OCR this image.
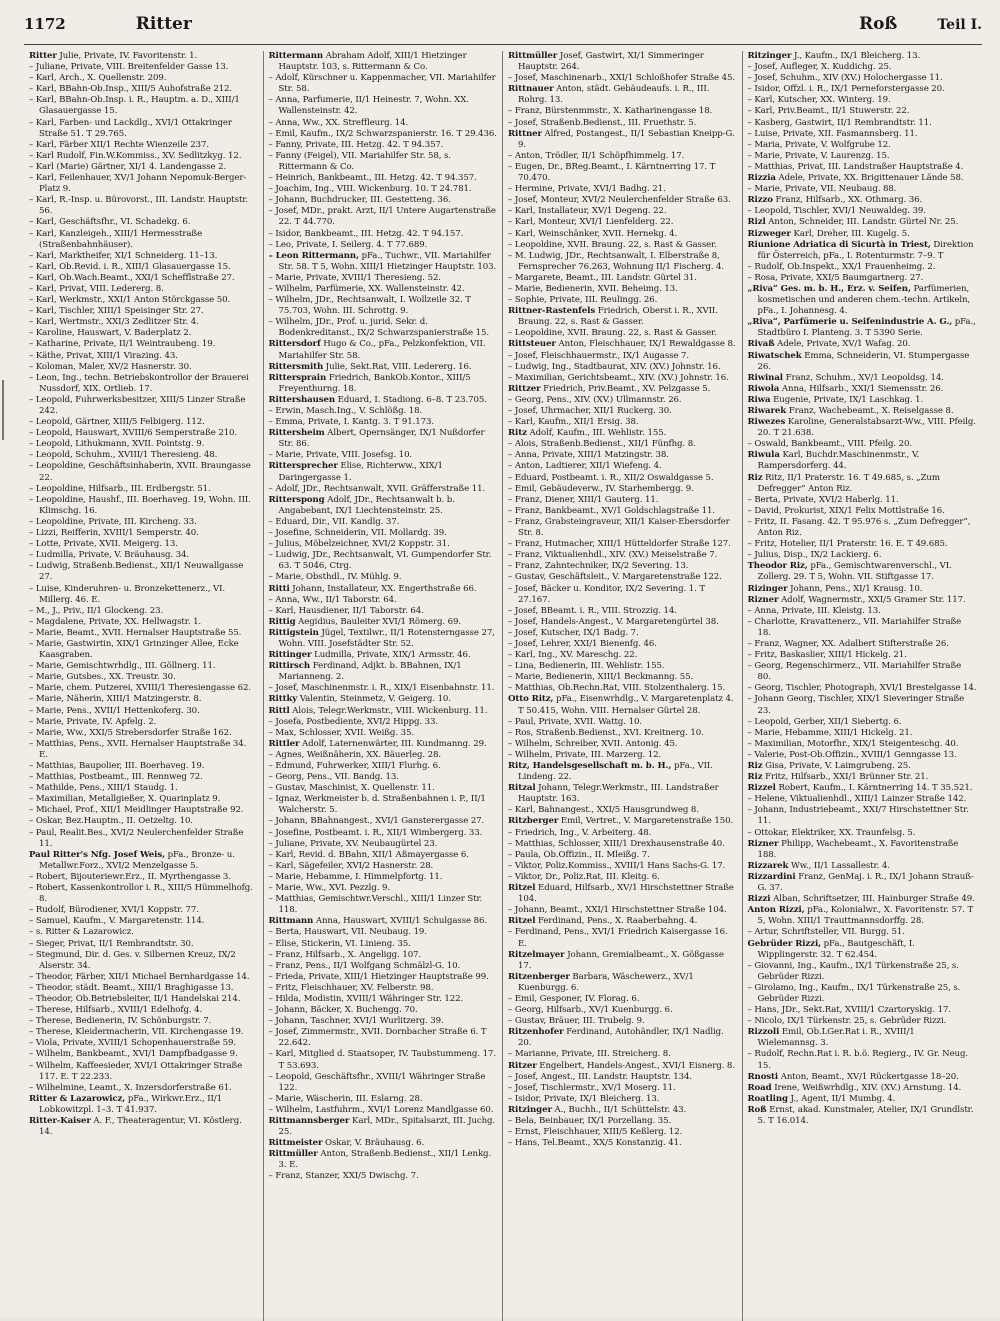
1172	Ritter	Roß	Teil I.
Ritter Julie, Private, IV. Favoritenstr. 1.
– Juliane, Private, VIII. Breitenfelder Gasse 13.
– Karl, Arch., X. Quellenstr. 209.
– Karl, BBahn-Ob.Insp., XIII/5 Auhofstraße 212.
– Karl, BBahn-Ob.Insp. i. R., Hauptm. a. D., XIII/1 Glasauergasse 15.
– Karl, Farben- und Lackdlg., XVI/1 Ottakringer Straße 51. T 29.765.
– Karl, Färber XII/1 Rechte Wienzeile 237.
– Karl Rudolf, Fin.W.Kommiss., XV. Sedlitzkyg. 12.
– Karl (Marie) Gärtner, XI/1 4. Landengasse 2.
– Karl, Feilenhauer, XV/1 Johann Nepomuk-Berger-Platz 9.
– Karl, R.-Insp. u. Bürovorst., III. Landstr. Hauptstr. 56.
– Karl, Geschäftsfhr., VI. Schadekg. 6.
– Karl, Kanzleigeh., XIII/1 Hermesstraße (Straßenbahnhäuser).
– Karl, Marktheifer, XI/1 Schneiderg. 11–13.
– Karl, Ob.Revid. i. R., XIII/1 Glasauergasse 15.
– Karl, Ob.Wach.Beamt., XXI/1 Schefflstraße 27.
– Karl, Privat, VIII. Ledererg. 8.
– Karl, Werkmstr., XXI/1 Anton Störckgasse 50.
– Karl, Tischler, XIII/1 Speisinger Str. 27.
– Karl, Wertmstr., XXI/3 Zedlitzer Str. 4.
– Karoline, Hauswart, V. Baderplatz 2.
– Katharine, Private, II/1 Weintraubeng. 19.
– Käthe, Privat, XIII/1 Virazing. 43.
– Koloman, Maler, XV/2 Hasnerstr. 30.
– Leon, Ing., techn. Betriebskontrollor der Brauerei Nussdorf, XIX. Ortlieb. 17.
– Leopold, Fuhrwerksbesitzer, XIII/5 Linzer Straße 242.
– Leopold, Gärtner, XIII/5 Felbigerg. 112.
– Leopold, Hauswart, XVIII/6 Semperstraße 210.
– Leopold, Lithukmann, XVII. Pointstg. 9.
– Leopold, Schuhm., XVIII/1 Theresieng. 48.
– Leopoldine, Geschäftsinhaberin, XVII. Braungasse 22.
– Leopoldine, Hilfsarb., III. Erdbergstr. 51.
– Leopoldine, Haushf., III. Boerhaveg. 19, Wohn. III. Klimschg. 16.
– Leopoldine, Private, III. Kircheng. 33.
– Lizzi, Reifferin, XVIII/1 Semperstr. 40.
– Lotte, Private, XVII. Meigerg. 13.
– Ludmilla, Private, V. Bräuhausg. 34.
– Ludwig, Straßenb.Bedienst., XII/1 Neuwallgasse 27.
– Luise, Kinderuhren- u. Bronzekettenerz., VI. Millerg. 46. E.
– M., J., Priv., II/1 Glockeng. 23.
– Magdalene, Private, XX. Hellwagstr. 1.
– Marie, Beamt., XVII. Hernalser Hauptstraße 55.
– Marie, Gastwirtin, XIX/1 Grinzinger Allee, Ecke Kaasgraben.
– Marie, Gemischtwrhdlg., III. Göllnerg. 11.
– Marie, Gutsbes., XX. Treustr. 30.
– Marie, chem. Putzerei, XVIII/1 Theresiengasse 62.
– Marie, Näherin, XIII/1 Matzingerstr. 8.
– Marie, Pens., XVII/1 Hettenkoferg. 30.
– Marie, Private, IV. Apfelg. 2.
– Marie, Ww., XXI/5 Strebersdorfer Straße 162.
– Matthias, Pens., XVII. Hernalser Hauptstraße 34. E.
– Matthias, Baupolier, III. Boerhaveg. 19.
– Matthias, Postbeamt., III. Rennweg 72.
– Mathilde, Pens., XIII/1 Staudg. 1.
– Maximilian, Metallgießer, X. Quarinplatz 9.
– Michael, Prof., XII/1 Meidlinger Hauptstraße 92.
– Oskar, Bez.Hauptm., II. Oetzeltg. 10.
– Paul, Realit.Bes., XVI/2 Neulerchenfelder Straße 11.
Paul Ritter's Nfg. Josef Weis, pFa., Bronze- u. Metallwr.Forz., XVI/2 Menzelgasse 5.
– Robert, Bijouteriewr.Erz., II. Myrthengasse 3.
– Robert, Kassenkontrollor i. R., XIII/5 Hümmelhofg. 8.
– Rudolf, Bürodiener, XVI/1 Koppstr. 77.
– Samuel, Kaufm., V. Margaretenstr. 114.
– s. Ritter & Lazarowicz.
– Sieger, Privat, II/1 Rembrandtstr. 30.
– Stegmund, Dir. d. Ges. v. Silbernen Kreuz, IX/2 Alserstr. 34.
– Theodor, Färber, XII/1 Michael Bernhardgasse 14.
– Theodor, städt. Beamt., XIII/1 Braghigasse 13.
– Theodor, Ob.Betriebsleiter, II/1 Handelskai 214.
– Therese, Hilfsarb., XVIII/1 Edelhofg. 4.
– Therese, Bedienerin, IV. Schönburgstr. 7.
– Therese, Kleidermacherin, VII. Kirchengasse 19.
– Viola, Private, XVIII/1 Schopenhauerstraße 59.
– Wilhelm, Bankbeamt., XVI/1 Dampfbadgasse 9.
– Wilhelm, Kaffeesieder, XVI/1 Ottakringer Straße 117. E. T 22.233.
– Wilhelmine, Leamt., X. Inzersdorferstraße 61.
Ritter & Lazarowicz, pFa., Wirkwr.Erz., II/1 Lobkowitzpl. 1–3. T 41.937.
Ritter-Kaiser A. F., Theateragentur, VI. Köstlerg. 14.
Rittermann Abraham Adolf, XIII/1 Hietzinger Hauptstr. 103, s. Rittermann & Co.
– Adolf, Kürschner u. Kappenmacher, VII. Mariahilfer Str. 58.
– Anna, Parfumerie, II/1 Heinestr. 7, Wohn. XX. Wallensteinstr. 42.
– Anna, Ww., XX. Streffleurg. 14.
– Emil, Kaufm., IX/2 Schwarzspanierstr. 16. T 29.436.
– Fanny, Private, III. Hetzg. 42. T 94.357.
– Fanny (Feigel), VII. Mariahilfer Str. 58, s. Rittermann & Co.
– Heinrich, Bankbeamt., III. Hetzg. 42. T 94.357.
– Joachim, Ing., VIII. Wickenburg. 10. T 24.781.
– Johann, Buchdrucker, III. Gestetteng. 36.
– Josef, MDr., prakt. Arzt, II/1 Untere Augartenstraße 22. T 44.770.
– Isidor, Bankbeamt., III. Hetzg. 42. T 94.157.
– Leo, Private, I. Seilerg. 4. T 77.689.
– Leon Rittermann, pFa., Tuchwr., VII. Mariahilfer Str. 58. T 5, Wohn. XIII/1 Hietzinger Hauptstr. 103.
– Marie, Private, XVIII/1 Theresieng. 52.
– Wilhelm, Parfümerie, XX. Wallensteinstr. 42.
– Wilhelm, JDr., Rechtsanwalt, I. Wollzeile 32. T 75.703, Wohn. III. Schrottg. 9.
– Wilhelm, JDr., Prof. u. jurid. Sekr. d. Bodenkreditanst., IX/2 Schwarzspanierstraße 15.
Rittersdorf Hugo & Co., pFa., Pelzkonfektion, VII. Mariahilfer Str. 58.
Rittersmith Julie, Sekt.Rat, VIII. Ledererg. 16.
Rittersprain Friedrich, BankOb.Kontor., XIII/5 Freyenthurng. 18.
Rittershausen Eduard, I. Stadiong. 6–8. T 23.705.
– Erwin, Masch.Ing., V. Schlößg. 18.
– Emma, Private, I. Kantg. 3. T 91.173.
Rittersheim Albert, Opernsänger, IX/1 Nußdorfer Str. 86.
– Marie, Private, VIII. Josefsg. 10.
Rittersprecher Elise, Richterww., XIX/1 Daringergasse 1.
– Adolf, JDr., Rechtsanwalt, XVII. Gräfferstraße 11.
Ritterspong Adolf, JDr., Rechtsanwalt b. b. Angabebant, IX/1 Liechtensteinstr. 25.
– Eduard, Dir., VII. Kandlg. 37.
– Josefine, Schneiderin, VII. Mollardg. 39.
– Julius, Möbelzeichner, XVI/2 Koppstr. 31.
– Ludwig, JDr., Rechtsanwalt, VI. Gumpendorfer Str. 63. T 5046, Ctrg.
– Marie, Obsthdl., IV. Mühlg. 9.
Ritti Johann, Installateur, XX. Engerthstraße 66.
– Anna, Ww., II/1 Taborstr. 64.
– Karl, Hausdiener, II/1 Taborstr. 64.
Rittig Aegidius, Bauleiter XVI/1 Römerg. 69.
Rittigstein Jügel, Textilwr., II/1 Rotensterngasse 27, Wohn. VIII. Josefstädter Str. 52.
Rittinger Ludmilla, Private, XIX/1 Armsstr. 46.
Rittirsch Ferdinand, Adjkt. b. BBahnen, IX/1 Marianneng. 2.
– Josef, Maschinenmstr. i. R., XIX/1 Eisenbahnstr. 11.
Rittky Valentin, Steinmetz, V. Geigerg. 10.
Rittl Alois, Telegr.Werkmstr., VIII. Wickenburg. 11.
– Josefa, Postbediente, XVI/2 Hippg. 33.
– Max, Schlosser, XVII. Weißg. 35.
Rittler Adolf, Laternenwärter, III. Kundmanng. 29.
– Agnes, Weißnäherin, XX. Bäuerleg. 28.
– Edmund, Fuhrwerker, XIII/1 Flurhg. 6.
– Georg, Pens., VII. Bandg. 13.
– Gustav, Maschinist, X. Quellenstr. 11.
– Ignaz, Werkmeister b. d. Straßenbahnen i. P., II/1 Walcherstr. 5.
– Johann, BBahnangest., XVI/1 Gansterergasse 27.
– Josefine, Postbeamt. i. R., XII/1 Wimbergerg. 33.
– Juliane, Private, XV. Neubaugürtel 23.
– Karl, Revid. d. BBahn, XII/1 Aßmayergasse 6.
– Karl, Sägefeiler, XVI/2 Hasnerstr. 28.
– Marie, Hebamme, I. Himmelpfortg. 11.
– Marie, Ww., XVI. Pezzlg. 9.
– Matthias, Gemischtwr.Verschl., XIII/1 Linzer Str. 118.
Rittmann Anna, Hauswart, XVIII/1 Schulgasse 86.
– Berta, Hauswart, VII. Neubaug. 19.
– Elise, Stickerin, VI. Linieng. 35.
– Franz, Hilfsarb., X. Angeligg. 107.
– Franz, Pens., II/1 Wolfgang Schmälzl-G. 10.
– Frieda, Private, XIII/1 Hietzinger Hauptstraße 99.
– Fritz, Fleischhauer, XV. Felberstr. 98.
– Hilda, Modistin, XVIII/1 Währinger Str. 122.
– Johann, Bäcker, X. Buchengg. 70.
– Johann, Taschner, XVI/1 Wurlitzerg. 39.
– Josef, Zimmermstr., XVII. Dornbacher Straße 6. T 22.642.
– Karl, Mitglied d. Staatsoper, IV. Taubstummeng. 17. T 53.693.
– Leopold, Geschäftsfhr., XVIII/1 Währinger Straße 122.
– Marie, Wäscherin, III. Eslarng. 28.
– Wilhelm, Lastfuhrm., XVI/1 Lorenz Mandlgasse 60.
Rittmannsberger Karl, MDr., Spitalsarzt, III. Juchg. 25.
Rittmeister Oskar, V. Bräuhausg. 6.
Rittmüller Anton, Straßenb.Bedienst., XII/1 Lenkg. 3. E.
– Franz, Stanzer, XXI/5 Dwischg. 7.
Rittmüller Josef, Gastwirt, XI/1 Simmeringer Hauptstr. 264.
– Josef, Maschinenarb., XXI/1 Schloßhofer Straße 45.
Rittnauer Anton, städt. Gebäudeaufs. i. R., III. Rohrg. 13.
– Franz, Bürstenmmstr., X. Katharinengasse 18.
– Josef, Straßenb.Bedienst., III. Fruethstr. 5.
Rittner Alfred, Postangest., II/1 Sebastian Kneipp-G. 9.
– Anton, Trödler, II/1 Schöpfhimmelg. 17.
– Eugen, Dr., BReg.Beamt., I. Kärntnerring 17. T 70.470.
– Hermine, Private, XVI/1 Badhg. 21.
– Josef, Monteur, XVI/2 Neulerchenfelder Straße 63.
– Karl, Installateur, XV/1 Degeng. 22.
– Karl, Monteur, XVI/1 Lienfelderg. 22.
– Karl, Weinschänker, XVII. Hernekg. 4.
– Leopoldine, XVII. Braung. 22, s. Rast & Gasser.
– M. Ludwig, JDr., Rechtsanwalt, I. Elberstraße 8, Fernsprecher 76.263, Wohnung II/1 Fischerg. 4.
– Margarete, Beamt., III. Landstr. Gürtel 31.
– Marie, Bedienerin, XVII. Beheimg. 13.
– Sophie, Private, III. Reulingg. 26.
Rittner-Rastenfels Friedrich, Oberst i. R., XVII. Braung. 22, s. Rast & Gasser.
– Leopoldine, XVII. Braung. 22, s. Rast & Gasser.
Rittsteuer Anton, Fleischhauer, IX/1 Rewaldgasse 8.
– Josef, Fleischhauermstr., IX/1 Augasse 7.
– Ludwig, Ing., Stadtbaurat, XIV. (XV.) Johnstr. 16.
– Maximilian, Gerichtsbeamt., XIV. (XV.) Johnstr. 16.
Rittzer Friedrich, Priv.Beamt., XV. Pelzgasse 5.
– Georg, Pens., XIV. (XV.) Ullmannstr. 26.
– Josef, Uhrmacher, XII/1 Ruckerg. 30.
– Karl, Kaufm., XII/1 Ersig. 38.
Ritz Adolf, Kaufm., III. Wehlistr. 155.
– Alois, Straßenb.Bedienst., XII/1 Fünfhg. 8.
– Anna, Private, XIII/1 Matzingstr. 38.
– Anton, Ladtierer, XII/1 Wiefeng. 4.
– Eduard, Postbeamt. i. R., XII/2 Oswaldgasse 5.
– Emil, Gebäudeverw., IV. Starhembergg. 9.
– Franz, Diener, XIII/1 Gauterg. 11.
– Franz, Bankbeamt., XV/1 Goldschlagstraße 11.
– Franz, Grabsteingraveur, XII/1 Kaiser-Ebersdorfer Str. 8.
– Franz, Hutmacher, XIII/1 Hütteldorfer Straße 127.
– Franz, Viktualienhdl., XIV. (XV.) Meiselstraße 7.
– Franz, Zahntechniker, IX/2 Severing. 13.
– Gustav, Geschäftsleit., V. Margaretenstraße 122.
– Josef, Bäcker u. Konditor, IX/2 Severing. 1. T 27.167.
– Josef, BBeamt. i. R., VIII. Strozzig. 14.
– Josef, Handels-Angest., V. Margaretengürtel 38.
– Josef, Kutscher, IX/1 Badg. 7.
– Josef, Lehrer, XXI/1 Bienenfg. 46.
– Karl, Ing., XV. Mareschg. 22.
– Lina, Bedienerin, III. Wehlistr. 155.
– Marie, Bedienerin, XIII/1 Beckmanng. 55.
– Matthias, Ob.Rechn.Rat, VIII. Stolzenthalerg. 15.
Otto Ritz, pFa., Eisenwrhdlg., V. Margaretenplatz 4. T 50.415, Wohn. VIII. Hernalser Gürtel 28.
– Paul, Private, XVII. Wattg. 10.
– Ros, Straßenb.Bedienst., XVI. Kreitnerg. 10.
– Wilhelm, Schreiber, XVII. Antonig. 45.
– Wilhelm, Private, III. Marzerg. 12.
Ritz, Handelsgesellschaft m. b. H., pFa., VII. Lindeng. 22.
Ritzal Johann, Telegr.Werkmstr., III. Landstraßer Hauptstr. 163.
– Karl, Bahnangest., XXI/5 Hausgrundweg 8.
Ritzberger Emil, Vertret., V. Margaretenstraße 150.
– Friedrich, Ing., V. Arbeiterg. 48.
– Matthias, Schlosser, XIII/1 Drexhausenstraße 40.
– Paula, Ob.Offizin., II. Mleißg. 7.
– Viktor, Poliz.Kommiss., XVIII/1 Hans Sachs-G. 17.
– Viktor, Dr., Poliz.Rat, III. Kleitg. 6.
Ritzel Eduard, Hilfsarb., XV/1 Hirschstettner Straße 104.
– Johann, Beamt., XXI/1 Hirschstettner Straße 104.
Ritzel Ferdinand, Pens., X. Raaberbahng. 4.
– Ferdinand, Pens., XVI/1 Friedrich Kaisergasse 16. E.
Ritzelmayer Johann, Gremialbeamt., X. Gößgasse 17.
Ritzenberger Barbara, Wäschewerz., XV/1 Kuenburgg. 6.
– Emil, Gesponer, IV. Florag. 6.
– Georg, Hilfsarb., XV/1 Kuenburgg. 6.
– Gustav, Bräuer, III. Trubelg. 9.
Ritzenhofer Ferdinand, Autohändler, IX/1 Nadlig. 20.
– Marianne, Private, III. Streicherg. 8.
Ritzer Engelbert, Handels-Angest., XVI/1 Eisnerg. 8.
– Josef, Angest., III. Landstr. Hauptstr. 134.
– Josef, Tischlermstr., XV/1 Moserg. 11.
– Isidor, Private, IX/1 Bleicherg. 13.
Ritzinger A., Buchh., II/1 Schüttelstr. 43.
– Bela, Beinbauer, IX/1 Porzellang. 35.
– Ernst, Fleischhauer, XIII/5 Keßlerg. 12.
– Hans, Tel.Beamt., XX/5 Konstanzig. 41.
Ritzinger J., Kaufm., IX/1 Bleicherg. 13.
– Josef, Aufleger, X. Kuddichg. 25.
– Josef, Schuhm., XIV (XV.) Holochergasse 11.
– Isidor, Offzl. i. R., IX/1 Perneforstergasse 20.
– Karl, Kutscher, XX. Winterg. 19.
– Karl, Priv.Beamt., II/1 Stuwerstr. 22.
– Kasberg, Gastwirt, II/1 Rembrandtstr. 11.
– Luise, Private, XII. Fasmannsberg. 11.
– Maria, Private, V. Wolfgrube 12.
– Marie, Private, V. Laurenzg. 15.
– Matthias, Privat, III. Landstraßer Hauptstraße 4.
Rizzia Adele, Private, XX. Brigittenauer Lände 58.
– Marie, Private, VII. Neubaug. 88.
Rizzo Franz, Hilfsarb., XX. Othmarg. 36.
– Leopold, Tischler, XVI/1 Neuwaldeg. 39.
Rizl Anton, Schneider, III. Landstr. Gürtel Nr. 25.
Rizweger Karl, Dreher, III. Kugelg. 5.
Riunione Adriatica di Sicurtà in Triest, Direktion für Österreich, pFa., I. Rotenturmstr. 7–9. T
– Rudolf, Ob.Inspekt., XX/1 Frauenheimg. 2.
– Rosa, Private, XXI/5 Baumgartnerg. 27.
„Riva“ Ges. m. b. H., Erz. v. Seifen, Parfümerien, kosmetischen und anderen chem.-techn. Artikeln, pFa., I. Johannesg. 4.
„Riva“, Parfümerie u. Seifenindustrie A. G., pFa., Stadtbüro I. Planteng. 3. T 5390 Serie.
Rivaß Adele, Private, XV/1 Wafag. 20.
Riwatschek Emma, Schneiderin, VI. Stumpergasse 26.
Riwinal Franz, Schuhm., XV/1 Leopoldsg. 14.
Riwola Anna, Hilfsarb., XXI/1 Siemensstr. 26.
Riwa Eugenie, Private, IX/1 Laschkag. 1.
Riwarek Franz, Wachebeamt., X. Reiselgasse 8.
Riwezes Karoline, Generalstabsarzt-Ww., VIII. Pfeilg. 20. T 21.638.
– Oswald, Bankbeamt., VIII. Pfeilg. 20.
Riwula Karl, Buchdr.Maschinenmstr., V. Rampersdorferg. 44.
Riz Ritz, II/1 Praterstr. 16. T 49.685, s. „Zum Defregger“ Anton Riz.
– Berta, Private, XVI/2 Haberlg. 11.
– David, Prokurist, XIX/1 Felix Mottlstraße 16.
– Fritz, II. Fasang. 42. T 95.976 s. „Zum Defregger“, Anton Riz.
– Fritz, Hotelier, II/1 Praterstr. 16. E. T 49.685.
– Julius, Disp., IX/2 Lackierg. 6.
Theodor Riz, pFa., Gemischtwarenverschl., VI. Zollerg. 29. T 5, Wohn. VII. Stiftgasse 17.
Rizinger Johann, Pens., XI/1 Krausg. 10.
Rizner Adolf, Wagnermstr., XXI/5 Gramer Str. 117.
– Anna, Private, III. Kleistg. 13.
– Charlotte, Kravattenerz., VII. Mariahilfer Straße 18.
– Franz, Wagner, XX. Adalbert Stifterstraße 26.
– Fritz, Baskaslier, XIII/1 Hickelg. 21.
– Georg, Regenschirmerz., VII. Mariahilfer Straße 80.
– Georg, Tischler, Photograph, XVI/1 Brestelgasse 14.
– Johann Georg, Tischler, XIX/1 Sieveringer Straße 23.
– Leopold, Gerber, XII/1 Siebertg. 6.
– Marie, Hebamme, XIII/1 Hickelg. 21.
– Maximilian, Motorfhr., XIX/1 Steigenteschg. 40.
– Valerie, Post-Ob.Offizin., XVIII/1 Genngasse 13.
Riz Gisa, Private, V. Laimgrubeng. 25.
Riz Fritz, Hilfsarb., XXI/1 Brünner Str. 21.
Rizzel Robert, Kaufm., I. Kärntnerring 14. T 35.521.
– Helene, Viktualienhdl., XIII/1 Lainzer Straße 142.
– Johann, Industriebeamt., XXI/7 Hirschstettner Str. 11.
– Ottokar, Elektriker, XX. Traunfelsg. 5.
Rizner Philipp, Wachebeamt., X. Favoritenstraße 188.
Rizzarek Ww., II/1 Lassallestr. 4.
Rizzardini Franz, GenMaj. i. R., IX/1 Johann Strauß-G. 37.
Rizzi Alban, Schriftsetzer, III. Hainburger Straße 49.
Anton Rizzi, pFa., Kolonialwr., X. Favoritenstr. 57. T 5, Wohn. XIII/1 Trauttmannsdorffg. 28.
– Artur, Schriftsteller, VII. Burgg. 51.
Gebrüder Rizzi, pFa., Bautgeschäft, I. Wipplingerstr. 32. T 62.454.
– Giovanni, Ing., Kaufm., IX/1 Türkenstraße 25, s. Gebrüder Rizzi.
– Girolamo, Ing., Kaufm., IX/1 Türkenstraße 25, s. Gebrüder Rizzi.
– Hans, JDr., Sekt.Rat, XVIII/1 Czartoryskig. 17.
– Nicolo, IX/1 Türkenstr. 25, s. Gebrüder Rizzi.
Rizzoli Emil, Ob.LGer.Rat i. R., XVIII/1 Wielemannsg. 3.
– Rudolf, Rechn.Rat i. R. b.ö. Regierg., IV. Gr. Neug. 15.
Rnosti Anton, Beamt., XV/1 Rückertgasse 18–20.
Road Irene, Weißwrhdlg., XIV. (XV.) Arnstung. 14.
Roatling J., Agent, II/1 Mumbg. 4.
Roß Ernst, akad. Kunstmaler, Atelier, IX/1 Grundlstr. 5. T 16.014.
